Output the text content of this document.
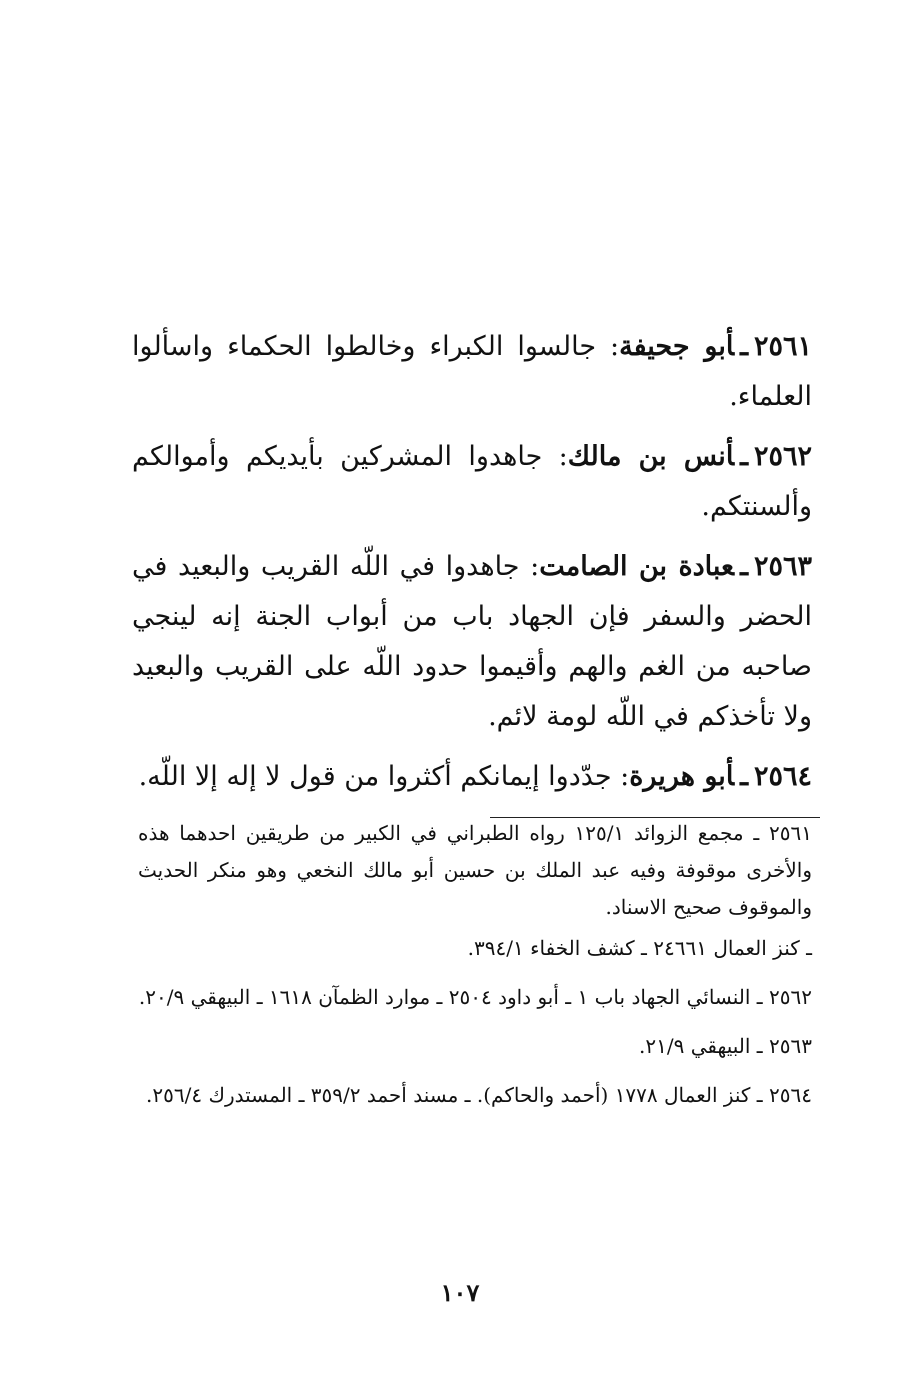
٢٥٦١ـأبو جحيفة: جالسوا الكبراء وخالطوا الحكماء واسألوا العلماء.

٢٥٦٢ـأنس بن مالك: جاهدوا المشركين بأيديكم وأموالكم وألسنتكم.

٢٥٦٣ـعبادة بن الصامت: جاهدوا في اللّه القريب والبعيد في الحضر والسفر فإن الجهاد باب من أبواب الجنة إنه لينجي صاحبه من الغم والهم وأقيموا حدود اللّه على القريب والبعيد ولا تأخذكم في اللّه لومة لائم.

٢٥٦٤ـأبو هريرة: جدّدوا إيمانكم أكثروا من قول لا إله إلا اللّه.

٢٥٦١ ـ مجمع الزوائد ١٢٥/١ رواه الطبراني في الكبير من طريقين احدهما هذه والأخرى موقوفة وفيه عبد الملك بن حسين أبو مالك النخعي وهو منكر الحديث والموقوف صحيح الاسناد.

ـ كنز العمال ٢٤٦٦١ ـ كشف الخفاء ٣٩٤/١.

٢٥٦٢ ـ النسائي الجهاد باب ١ ـ أبو داود ٢٥٠٤ ـ موارد الظمآن ١٦١٨ ـ البيهقي ٢٠/٩.

٢٥٦٣ ـ البيهقي ٢١/٩.

٢٥٦٤ ـ كنز العمال ١٧٧٨ (أحمد والحاكم). ـ مسند أحمد ٣٥٩/٢ ـ المستدرك ٢٥٦/٤.

١٠٧
